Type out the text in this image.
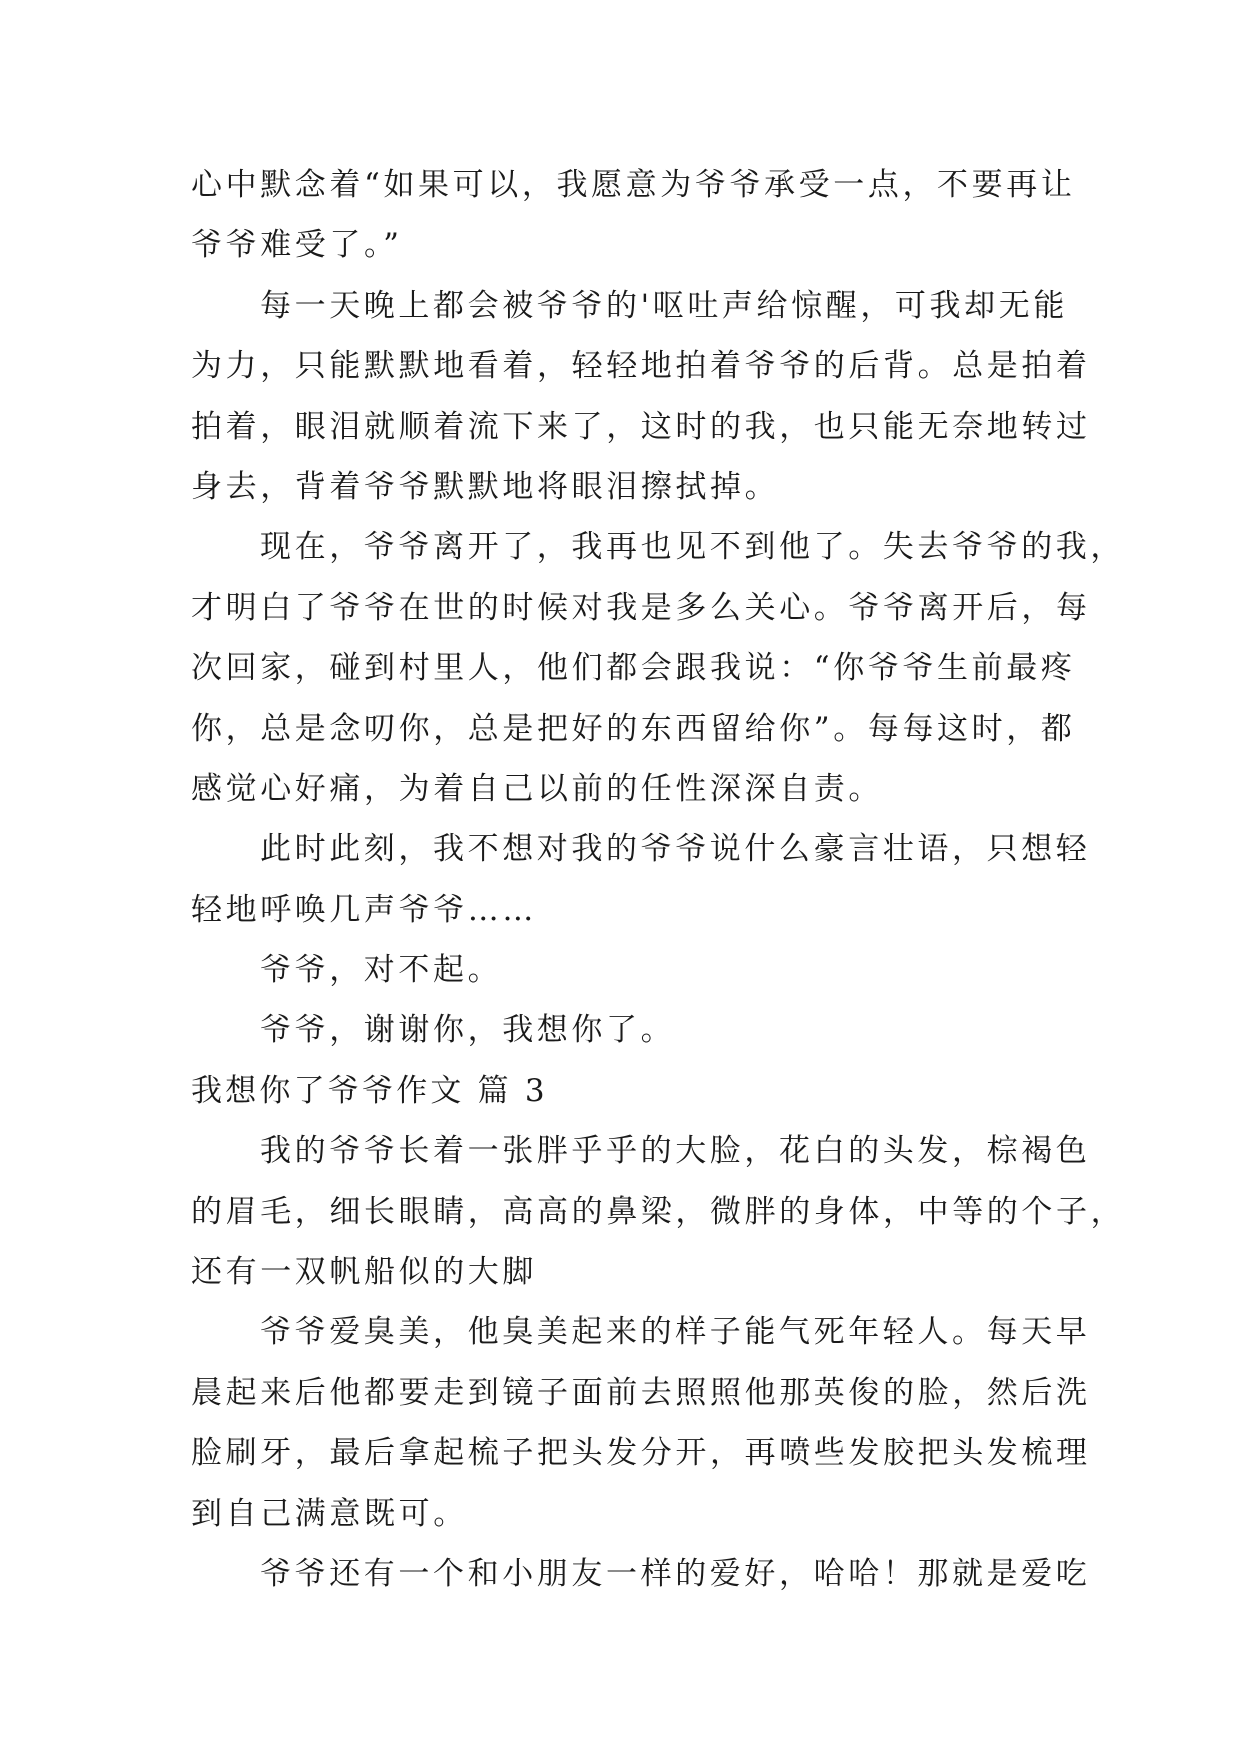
心中默念着“如果可以，我愿意为爷爷承受一点，不要再让
爷爷难受了。”
每一天晚上都会被爷爷的'呕吐声给惊醒，可我却无能
为力，只能默默地看着，轻轻地拍着爷爷的后背。总是拍着
拍着，眼泪就顺着流下来了，这时的我，也只能无奈地转过
身去，背着爷爷默默地将眼泪擦拭掉。
现在，爷爷离开了，我再也见不到他了。失去爷爷的我，
才明白了爷爷在世的时候对我是多么关心。爷爷离开后，每
次回家，碰到村里人，他们都会跟我说：“你爷爷生前最疼
你，总是念叨你，总是把好的东西留给你”。每每这时，都
感觉心好痛，为着自己以前的任性深深自责。
此时此刻，我不想对我的爷爷说什么豪言壮语，只想轻
轻地呼唤几声爷爷……
爷爷，对不起。
爷爷，谢谢你，我想你了。
我想你了爷爷作文 篇 3
我的爷爷长着一张胖乎乎的大脸，花白的头发，棕褐色
的眉毛，细长眼睛，高高的鼻梁，微胖的身体，中等的个子，
还有一双帆船似的大脚
爷爷爱臭美，他臭美起来的样子能气死年轻人。每天早
晨起来后他都要走到镜子面前去照照他那英俊的脸，然后洗
脸刷牙，最后拿起梳子把头发分开，再喷些发胶把头发梳理
到自己满意既可。
爷爷还有一个和小朋友一样的爱好，哈哈！那就是爱吃
